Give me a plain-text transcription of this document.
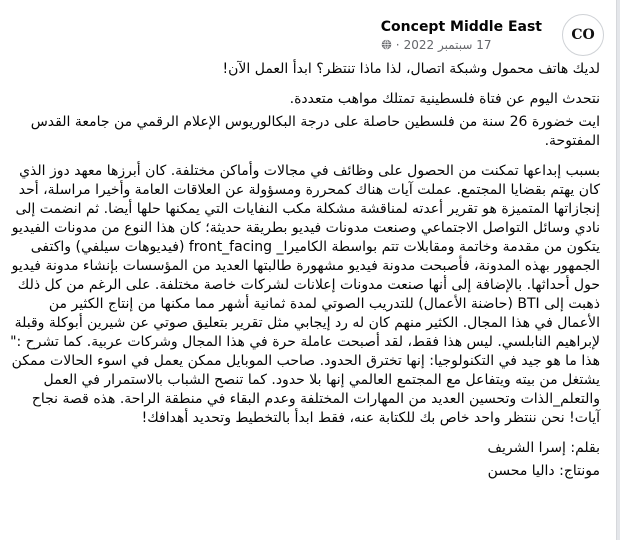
CO
Concept Middle East
17 سبتمبر 2022
·

لديك هاتف محمول وشبكة اتصال، لذا ماذا تنتظر؟ ابدأ العمل الآن!

نتحدث اليوم عن فتاة فلسطينية تمتلك مواهب متعددة.

ايت خضورة 26 سنة من فلسطين حاصلة على درجة البكالوريوس الإعلام الرقمي من جامعة القدس المفتوحة.

بسبب إبداعها تمكنت من الحصول على وظائف في مجالات وأماكن مختلفة. كان أبرزها معهد دوز الذي كان يهتم بقضايا المجتمع. عملت آيات هناك كمحررة ومسؤولة عن العلاقات العامة وأخيرا مراسلة، أحد إنجازاتها المتميزة هو تقرير أعدته لمناقشة مشكلة مكب النفايات التي يمكنها حلها أيضا. ثم انضمت إلى نادي وسائل التواصل الاجتماعي وصنعت مدونات فيديو بطريقة حديثة؛ كان هذا النوع من مدونات الفيديو يتكون من مقدمة وخاتمة ومقابلات تتم بواسطة الكاميرا_ front_facing (فيديوهات سيلفي) واكتفى الجمهور بهذه المدونة، فأصبحت مدونة فيديو مشهورة طالبتها العديد من المؤسسات بإنشاء مدونة فيديو حول أحداثها. بالإضافة إلى أنها صنعت مدونات إعلانات لشركات خاصة مختلفة. على الرغم من كل ذلك ذهبت إلى BTI (حاضنة الأعمال) للتدريب الصوتي لمدة ثمانية أشهر مما مكنها من إنتاج الكثير من الأعمال في هذا المجال. الكثير منهم كان له رد إيجابي مثل تقرير بتعليق صوتي عن شيرين أبوكلة وقبلة لإبراهيم النابلسي. ليس هذا فقط، لقد أصبحت عاملة حرة في هذا المجال وشركات عربية. كما تشرح :" هذا ما هو جيد في التكنولوجيا: إنها تخترق الحدود. صاحب الموبايل ممكن يعمل في اسوء الحالات ممكن يشتغل من بيته ويتفاعل مع المجتمع العالمي إنها بلا حدود. كما تنصح الشباب بالاستمرار في العمل والتعلم_الذات وتحسين العديد من المهارات المختلفة وعدم البقاء في منطقة الراحة. هذه قصة نجاح آيات! نحن ننتظر واحد خاص بك للكتابة عنه، فقط ابدأ بالتخطيط وتحديد أهدافك!

بقلم: إسرا الشريف

مونتاج: داليا محسن
